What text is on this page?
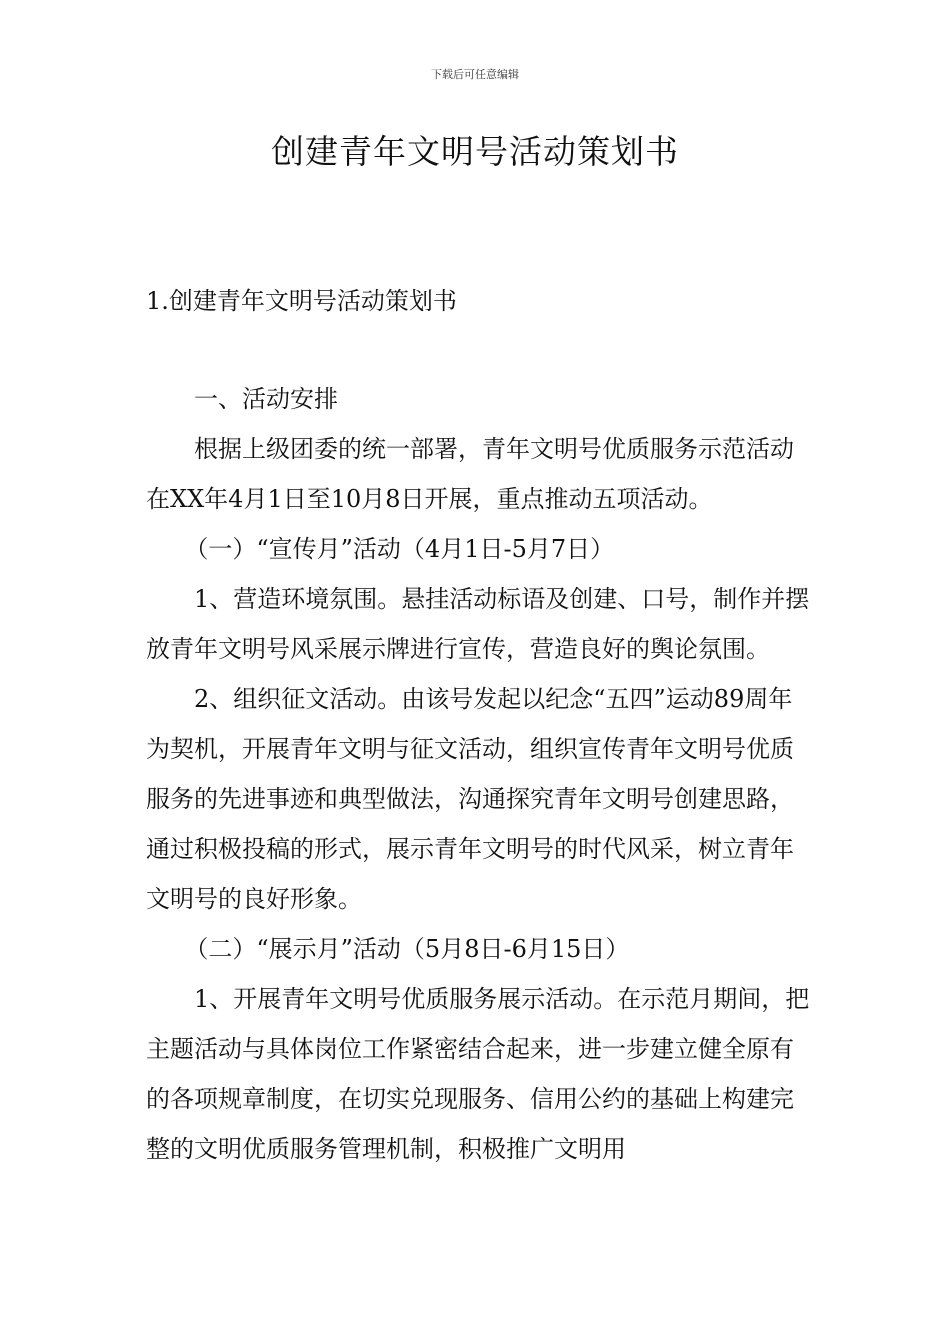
下载后可任意编辑
创建青年文明号活动策划书
1.创建青年文明号活动策划书

一、活动安排

根据上级团委的统一部署，青年文明号优质服务示范活动在XX年4月1日至10月8日开展，重点推动五项活动。

（一）“宣传月”活动（4月1日-5月7日）

1、营造环境氛围。悬挂活动标语及创建、口号，制作并摆放青年文明号风采展示牌进行宣传，营造良好的舆论氛围。

2、组织征文活动。由该号发起以纪念“五四”运动89周年为契机，开展青年文明与征文活动，组织宣传青年文明号优质服务的先进事迹和典型做法，沟通探究青年文明号创建思路，通过积极投稿的形式，展示青年文明号的时代风采，树立青年文明号的良好形象。

（二）“展示月”活动（5月8日-6月15日）

1、开展青年文明号优质服务展示活动。在示范月期间，把主题活动与具体岗位工作紧密结合起来，进一步建立健全原有的各项规章制度，在切实兑现服务、信用公约的基础上构建完整的文明优质服务管理机制，积极推广文明用
